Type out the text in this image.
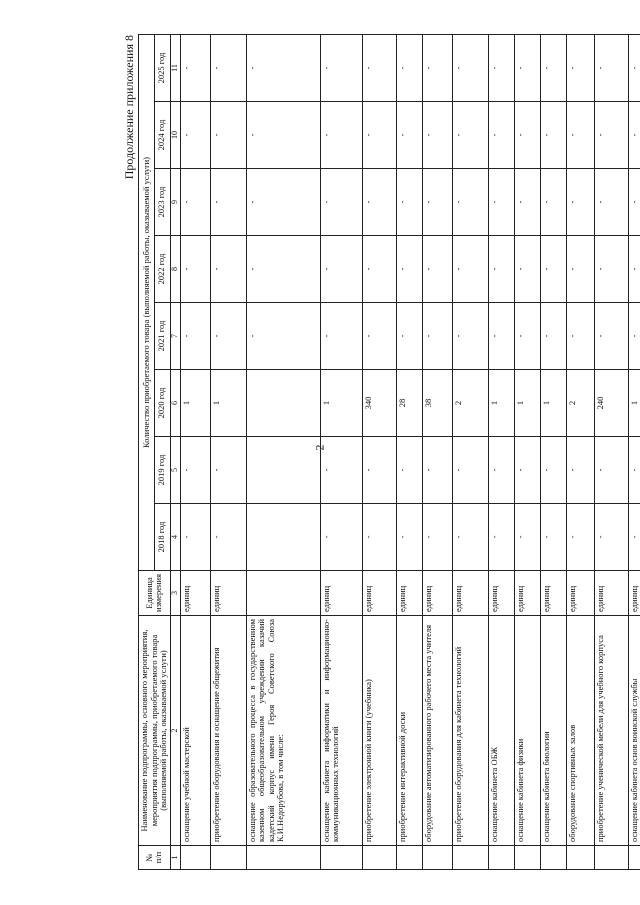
2
Продолжение приложения 8
№
п/п	Наименование подпрограммы, основного мероприятия, мероприятия подпрограммы, приобретаемого товара (выполняемой работы, оказываемой услуги)	Единица измерения	Количество приобретаемого товара (выполняемой работы, оказываемой услуги)							
			2018 год	2019 год	2020 год	2021 год	2022 год	2023 год	2024 год	2025 год
1	2	3	4	5	6	7	8	9	10	11
	оснащение учебной мастерской	единиц	-	-	1	-	-	-	-	-
	приобретение оборудования и оснащение общежития	единиц	-	-	1	-	-	-	-	-
	оснащение образовательного процесса в государственном казенном общеобразовательном учреждении казачий кадетский корпус имени Героя Советского Союза К.И.Недорубова, в том числе:					-	-	-	-	-
	оснащение кабинета информатики и информационно-коммуникационных технологий	единиц	-	-	1	-	-	-	-	-
	приобретение электронной книги (учебника)	единиц	-	-	340	-	-	-	-	-
	приобретение интерактивной доски	единиц	-	-	28	-	-	-	-	-
	оборудование автоматизированного рабочего места учителя	единиц	-	-	38	-	-	-	-	-
	приобретение оборудования для кабинета технологий	единиц	-	-	2	-	-	-	-	-
	оснащение кабинета ОБЖ	единиц	-	-	1	-	-	-	-	-
	оснащение кабинета физики	единиц	-	-	1	-	-	-	-	-
	оснащение кабинета биологии	единиц	-	-	1	-	-	-	-	-
	оборудование спортивных залов	единиц	-	-	2	-	-	-	-	-
	приобретение ученической мебели для учебного корпуса	единиц	-	-	240	-	-	-	-	-
	оснащение кабинета основ воинской службы	единиц	-	-	1	-	-	-	-	-
